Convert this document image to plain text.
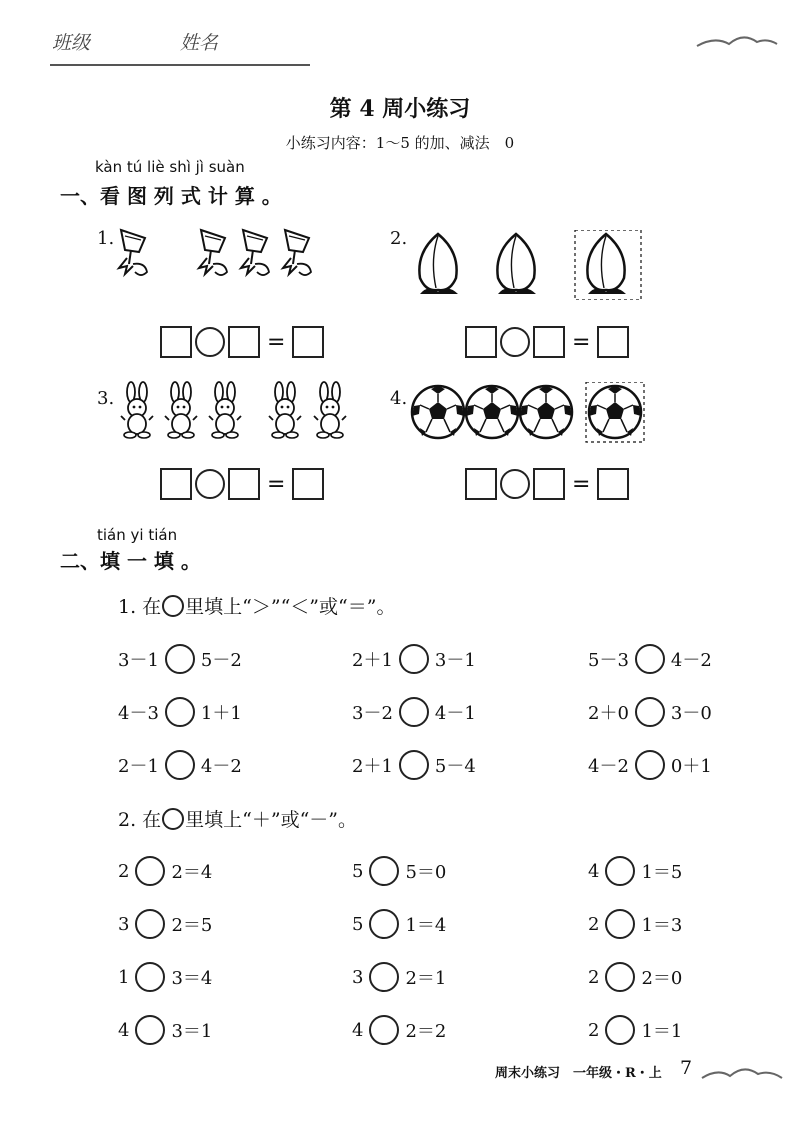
班级	姓名
第 4 周小练习
小练习内容：1～5 的加、减法　0
kàn tú liè shì jì suàn
一、看 图 列 式 计 算 。
1.
=
2.
=
3.
=
4.
=
tián yi tián
二、填 一 填 。
1. 在 里填上“＞”“＜”或“＝”。
3－1 5－2	2＋1 3－1	5－3 4－2
4－3 1＋1	3－2 4－1	2＋0 3－0
2－1 4－2	2＋1 5－4	4－2 0＋1
2. 在 里填上“＋”或“－”。
2 2＝4	5 5＝0	4 1＝5
3 2＝5	5 1＝4	2 1＝3
1 3＝4	3 2＝1	2 2＝0
4 3＝1	4 2＝2	2 1＝1
周末小练习　一年级・R・上 7
